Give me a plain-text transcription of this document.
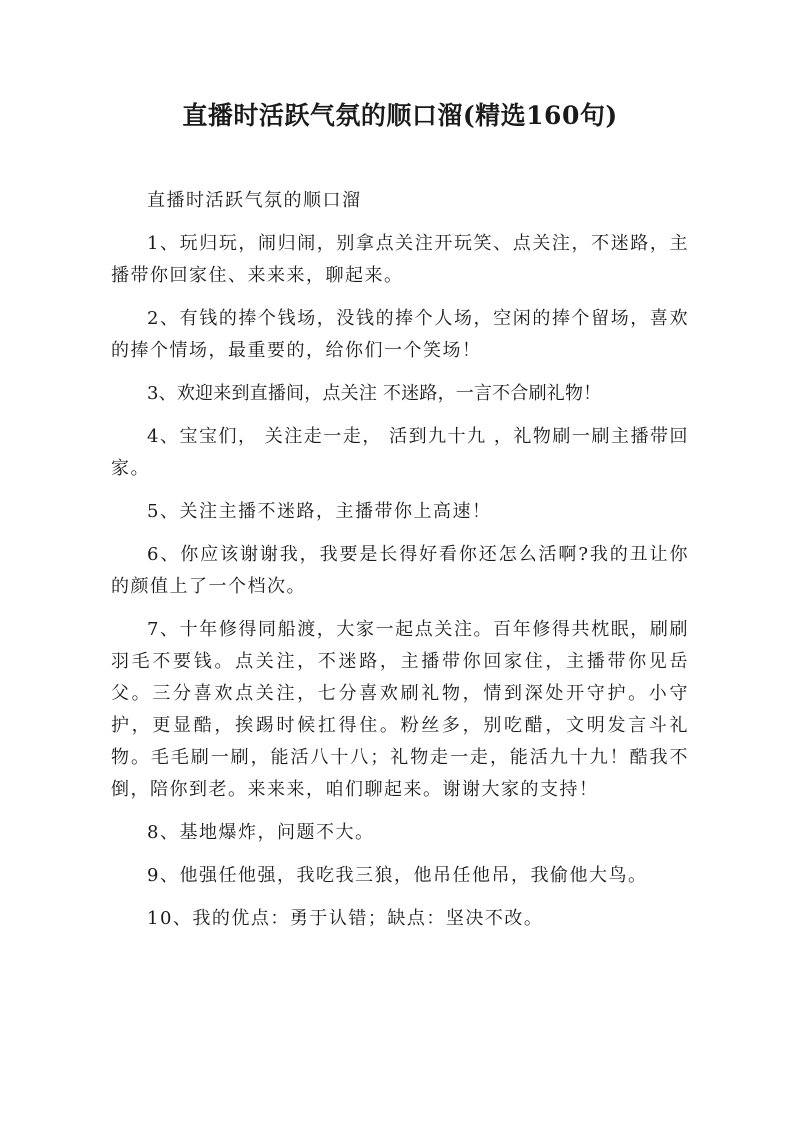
直播时活跃气氛的顺口溜(精选160句)

直播时活跃气氛的顺口溜

1、玩归玩，闹归闹，别拿点关注开玩笑、点关注，不迷路，主播带你回家住、来来来，聊起来。

2、有钱的捧个钱场，没钱的捧个人场，空闲的捧个留场，喜欢的捧个情场，最重要的，给你们一个笑场！

3、欢迎来到直播间，点关注 不迷路，一言不合刷礼物！

4、宝宝们， 关注走一走， 活到九十九 ，礼物刷一刷主播带回家。

5、关注主播不迷路，主播带你上高速！

6、你应该谢谢我，我要是长得好看你还怎么活啊?我的丑让你的颜值上了一个档次。

7、十年修得同船渡，大家一起点关注。百年修得共枕眠，刷刷羽毛不要钱。点关注，不迷路，主播带你回家住，主播带你见岳父。三分喜欢点关注，七分喜欢刷礼物，情到深处开守护。小守护，更显酷，挨踢时候扛得住。粉丝多，别吃醋，文明发言斗礼物。毛毛刷一刷，能活八十八；礼物走一走，能活九十九！酷我不倒，陪你到老。来来来，咱们聊起来。谢谢大家的支持！

8、基地爆炸，问题不大。

9、他强任他强，我吃我三狼，他吊任他吊，我偷他大鸟。

10、我的优点：勇于认错；缺点：坚决不改。
